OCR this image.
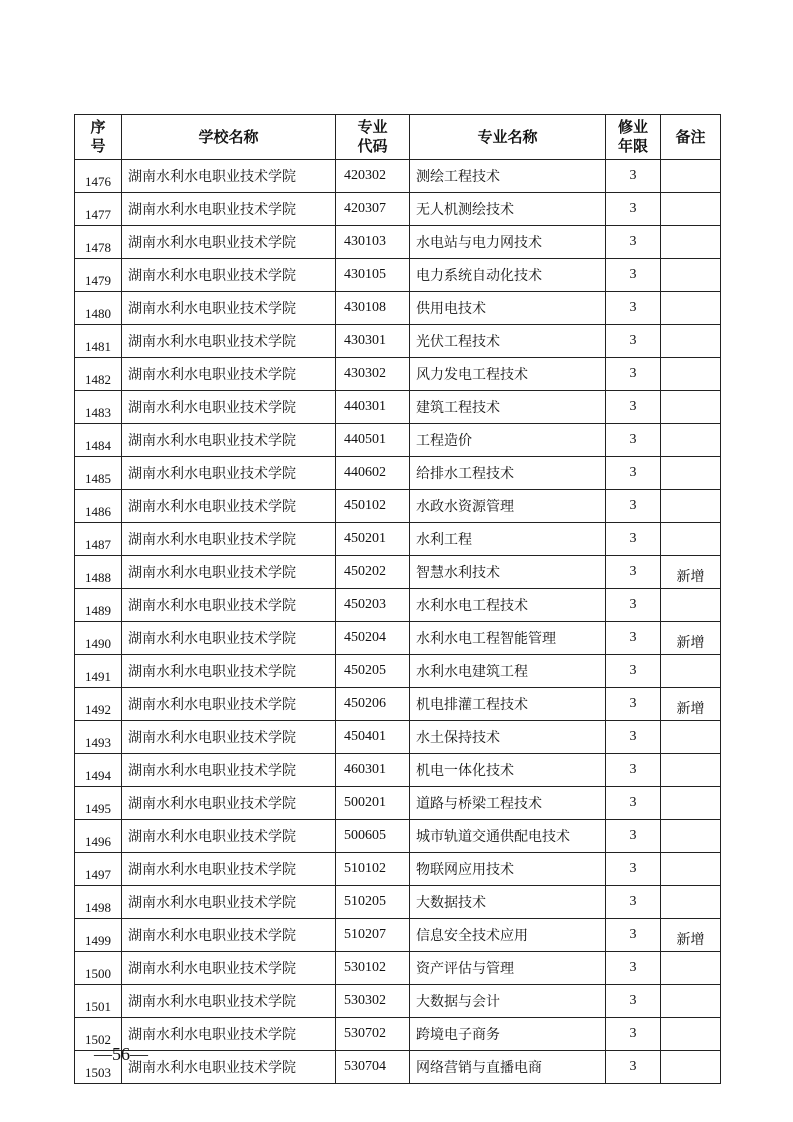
序号	学校名称	专业代码	专业名称	修业年限	备注
1476	湖南水利水电职业技术学院	420302	测绘工程技术	3	
1477	湖南水利水电职业技术学院	420307	无人机测绘技术	3	
1478	湖南水利水电职业技术学院	430103	水电站与电力网技术	3	
1479	湖南水利水电职业技术学院	430105	电力系统自动化技术	3	
1480	湖南水利水电职业技术学院	430108	供用电技术	3	
1481	湖南水利水电职业技术学院	430301	光伏工程技术	3	
1482	湖南水利水电职业技术学院	430302	风力发电工程技术	3	
1483	湖南水利水电职业技术学院	440301	建筑工程技术	3	
1484	湖南水利水电职业技术学院	440501	工程造价	3	
1485	湖南水利水电职业技术学院	440602	给排水工程技术	3	
1486	湖南水利水电职业技术学院	450102	水政水资源管理	3	
1487	湖南水利水电职业技术学院	450201	水利工程	3	
1488	湖南水利水电职业技术学院	450202	智慧水利技术	3	新增
1489	湖南水利水电职业技术学院	450203	水利水电工程技术	3	
1490	湖南水利水电职业技术学院	450204	水利水电工程智能管理	3	新增
1491	湖南水利水电职业技术学院	450205	水利水电建筑工程	3	
1492	湖南水利水电职业技术学院	450206	机电排灌工程技术	3	新增
1493	湖南水利水电职业技术学院	450401	水土保持技术	3	
1494	湖南水利水电职业技术学院	460301	机电一体化技术	3	
1495	湖南水利水电职业技术学院	500201	道路与桥梁工程技术	3	
1496	湖南水利水电职业技术学院	500605	城市轨道交通供配电技术	3	
1497	湖南水利水电职业技术学院	510102	物联网应用技术	3	
1498	湖南水利水电职业技术学院	510205	大数据技术	3	
1499	湖南水利水电职业技术学院	510207	信息安全技术应用	3	新增
1500	湖南水利水电职业技术学院	530102	资产评估与管理	3	
1501	湖南水利水电职业技术学院	530302	大数据与会计	3	
1502	湖南水利水电职业技术学院	530702	跨境电子商务	3	
1503	湖南水利水电职业技术学院	530704	网络营销与直播电商	3	
—56—
